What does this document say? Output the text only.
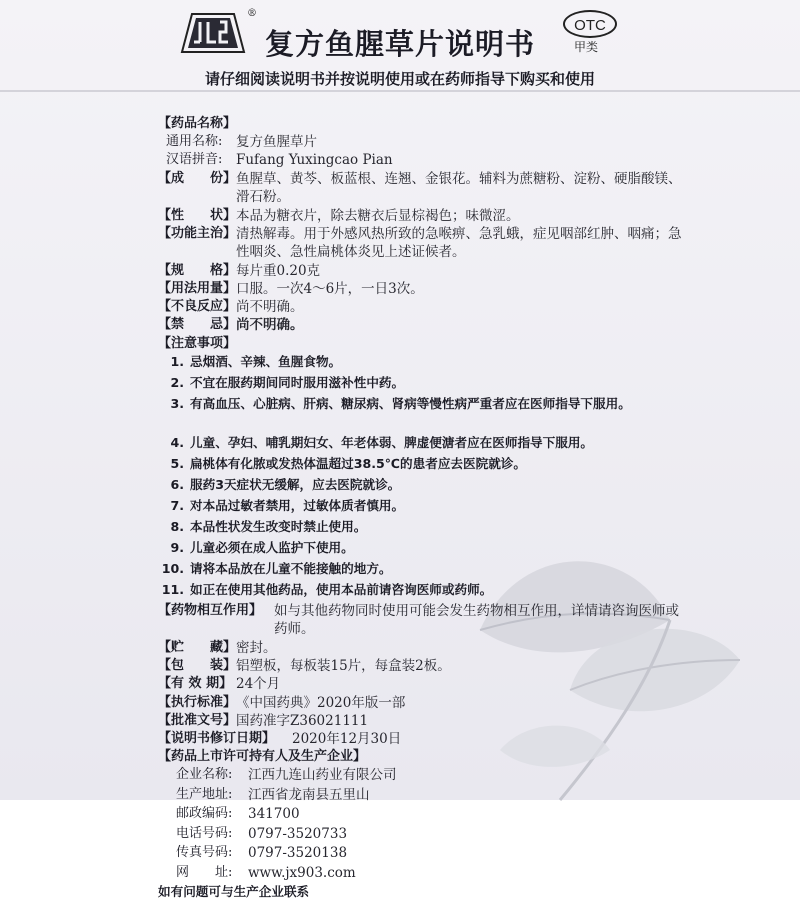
®
复方鱼腥草片说明书
OTC
甲类
请仔细阅读说明书并按说明使用或在药师指导下购买和使用
【 药品名称 】
通用名称:	复方鱼腥草片
汉语拼音:	Fufang Yuxingcao Pian
【 成　　份 】 鱼腥草、黄芩、板蓝根、连翘、金银花。辅料为蔗糖粉、淀粉、硬脂酸镁、滑石粉。
【 性　　状 】 本品为糖衣片，除去糖衣后显棕褐色；味微涩。
【 功能主治 】 清热解毒。用于外感风热所致的急喉痹、急乳蛾，症见咽部红肿、咽痛；急性咽炎、急性扁桃体炎见上述证候者。
【 规　　格 】 每片重0.20克
【 用法用量 】 口服。一次4～6片，一日3次。
【 不良反应 】 尚不明确。
【 禁　　忌 】 尚不明确。
【 注意事项 】
1. 忌烟酒、辛辣、鱼腥食物。
2. 不宜在服药期间同时服用滋补性中药。
3. 有高血压、心脏病、肝病、糖尿病、肾病等慢性病严重者应在医师指导下服用。
4. 儿童、孕妇、哺乳期妇女、年老体弱、脾虚便溏者应在医师指导下服用。
5. 扁桃体有化脓或发热体温超过38.5℃的患者应去医院就诊。
6. 服药3天症状无缓解，应去医院就诊。
7. 对本品过敏者禁用，过敏体质者慎用。
8. 本品性状发生改变时禁止使用。
9. 儿童必须在成人监护下使用。
10. 请将本品放在儿童不能接触的地方。
11. 如正在使用其他药品，使用本品前请咨询医师或药师。
【 药物相互作用 】	如与其他药物同时使用可能会发生药物相互作用，详情请咨询医师或药师。
【 贮　　藏 】 密封。
【 包　　装 】 铝塑板，每板装15片，每盒装2板。
【 有 效 期 】	24个月
【 执行标准 】 《中国药典》2020年版一部
【 批准文号 】 国药准字Z36021111
【 说明书修订日期 】	2020年12月30日
【 药品上市许可持有人及生产企业 】
企业名称:	江西九连山药业有限公司
生产地址:	江西省龙南县五里山
邮政编码:	341700
电话号码:	0797-3520733
传真号码:	0797-3520138
网　　址:	www.jx903.com
如有问题可与生产企业联系
